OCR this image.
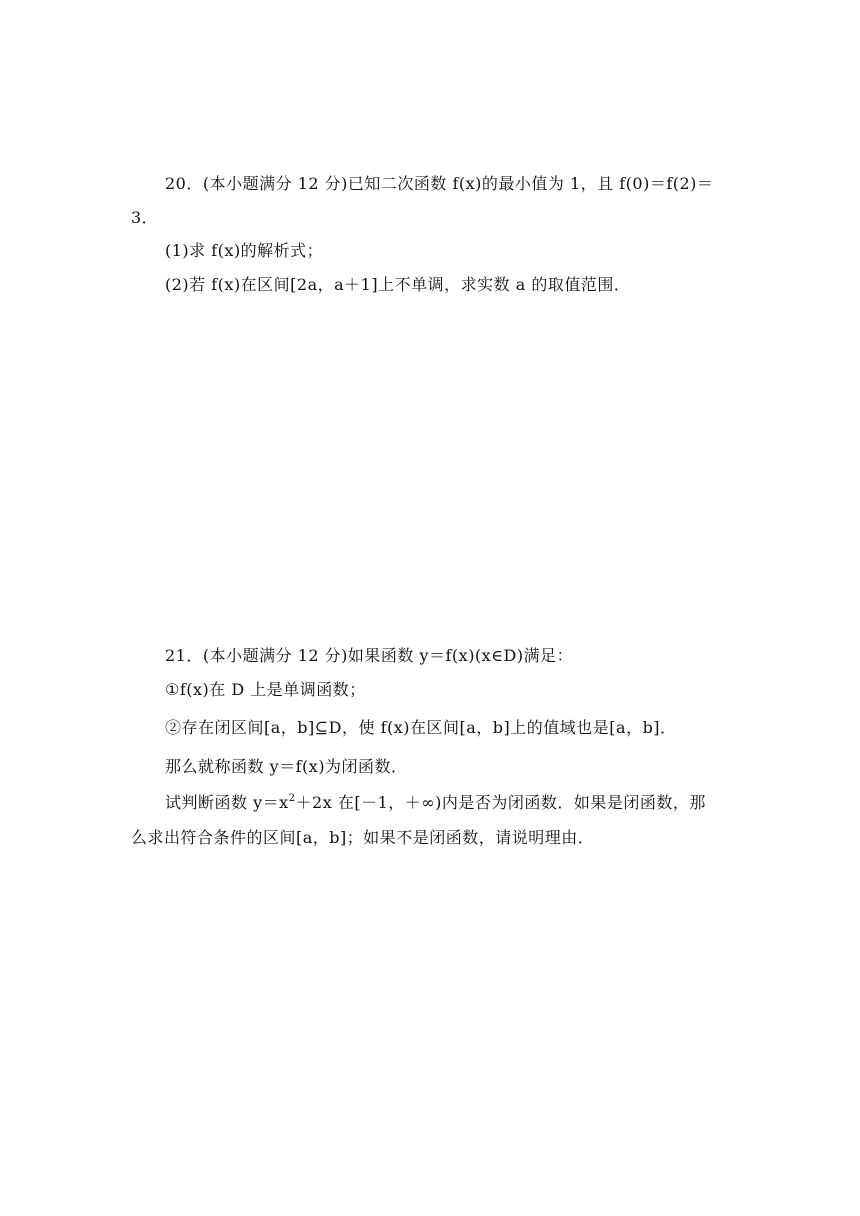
20．(本小题满分 12 分)已知二次函数 f(x)的最小值为 1，且 f(0)＝f(2)＝
3．
(1)求 f(x)的解析式；
(2)若 f(x)在区间[2a，a＋1]上不单调，求实数 a 的取值范围．
21．(本小题满分 12 分)如果函数 y＝f(x)(x∈D)满足：
①f(x)在 D 上是单调函数；
②存在闭区间[a，b]⊆D，使 f(x)在区间[a，b]上的值域也是[a，b]．
那么就称函数 y＝f(x)为闭函数．
试判断函数 $y=x^2+2x$ 在[－1，＋∞)内是否为闭函数．如果是闭函数，那
么求出符合条件的区间[a，b]；如果不是闭函数，请说明理由．
